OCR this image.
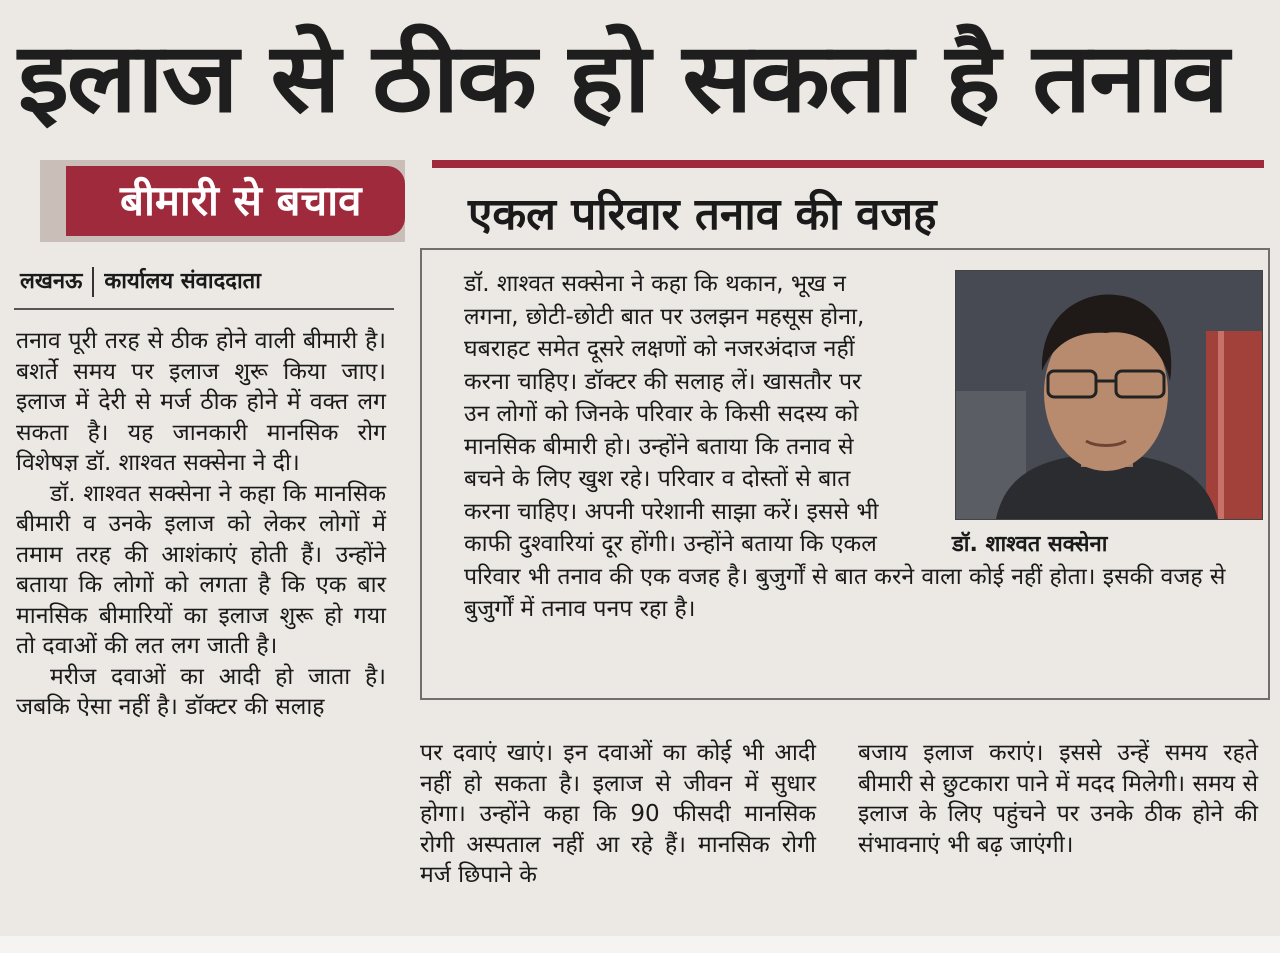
इलाज से ठीक हो सकता है तनाव
बीमारी से बचाव एकल परिवार तनाव की वजह
लखनऊ कार्यालय संवाददाता

तनाव पूरी तरह से ठीक होने वाली बीमारी है। बशर्ते समय पर इलाज शुरू किया जाए। इलाज में देरी से मर्ज ठीक होने में वक्त लग सकता है। यह जानकारी मानसिक रोग विशेषज्ञ डॉ. शाश्वत सक्सेना ने दी।

डॉ. शाश्वत सक्सेना ने कहा कि मानसिक बीमारी व उनके इलाज को लेकर लोगों में तमाम तरह की आशंकाएं होती हैं। उन्होंने बताया कि लोगों को लगता है कि एक बार मानसिक बीमारियों का इलाज शुरू हो गया तो दवाओं की लत लग जाती है।

मरीज दवाओं का आदी हो जाता है। जबकि ऐसा नहीं है। डॉक्टर की सलाह

डॉ. शाश्वत सक्सेना ने कहा कि थकान, भूख न लगना, छोटी-छोटी बात पर उलझन महसूस होना, घबराहट समेत दूसरे लक्षणों को नजरअंदाज नहीं करना चाहिए। डॉक्टर की सलाह लें। खासतौर पर उन लोगों को जिनके परिवार के किसी सदस्य को मानसिक बीमारी हो। उन्होंने बताया कि तनाव से बचने के लिए खुश रहे। परिवार व दोस्तों से बात करना चाहिए। अपनी परेशानी साझा करें। इससे भी काफी दुश्वारियां दूर होंगी। उन्होंने बताया कि एकल परिवार भी तनाव की एक वजह है। बुजुर्गों से बात करने वाला कोई नहीं होता। इसकी वजह से बुजुर्गों में तनाव पनप रहा है।
डॉ. शाश्वत सक्सेना

पर दवाएं खाएं। इन दवाओं का कोई भी आदी नहीं हो सकता है। इलाज से जीवन में सुधार होगा। उन्होंने कहा कि 90 फीसदी मानसिक रोगी अस्पताल नहीं आ रहे हैं। मानसिक रोगी मर्ज छिपाने के

बजाय इलाज कराएं। इससे उन्हें समय रहते बीमारी से छुटकारा पाने में मदद मिलेगी। समय से इलाज के लिए पहुंचने पर उनके ठीक होने की संभावनाएं भी बढ़ जाएंगी।
